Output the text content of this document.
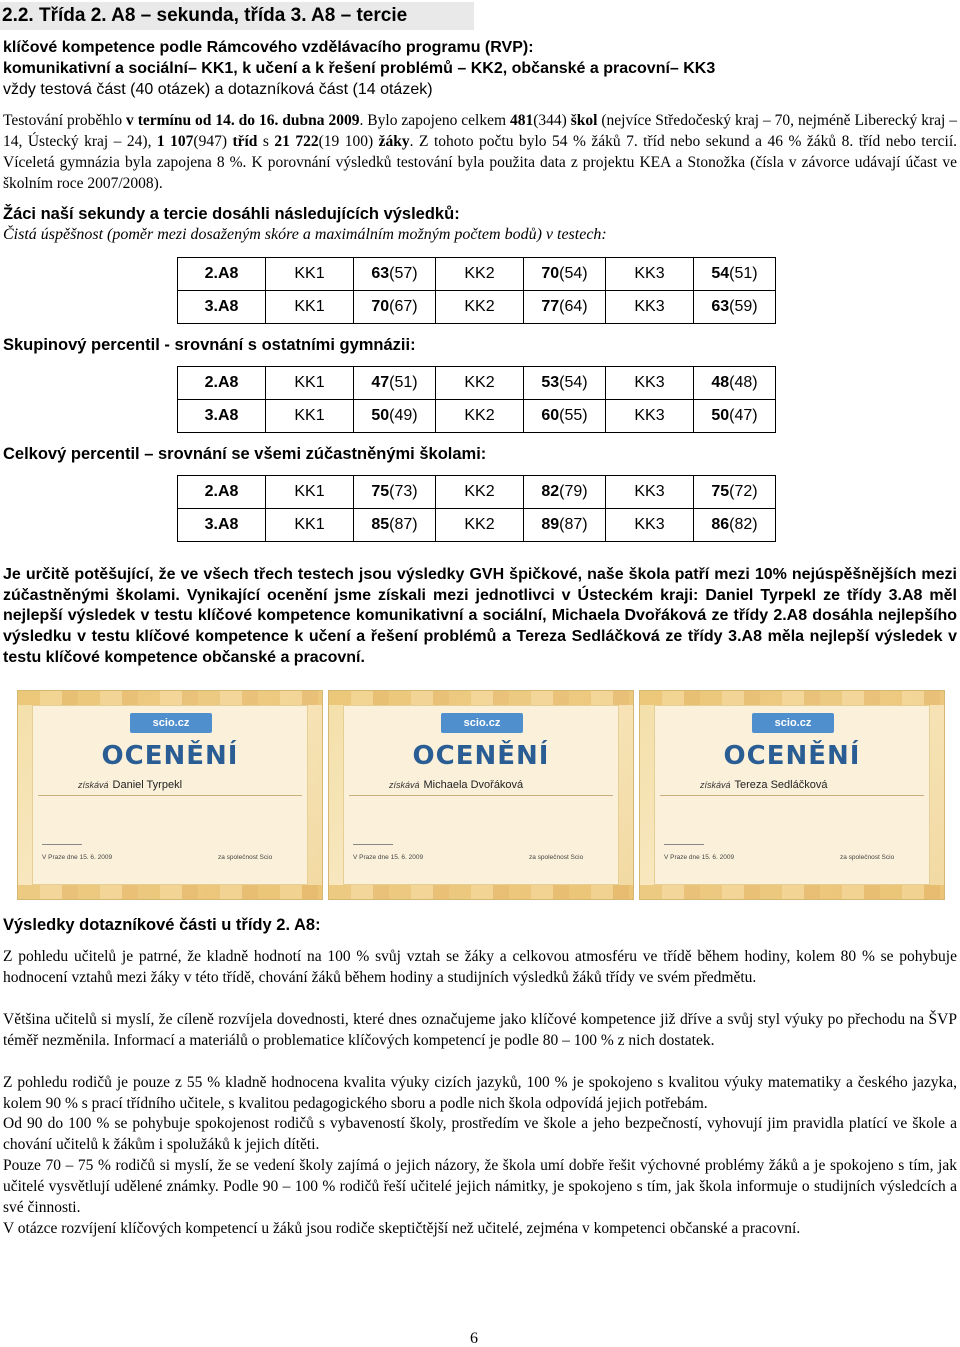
2.2. Třída 2. A8 – sekunda, třída 3. A8 – tercie
klíčové kompetence podle Rámcového vzdělávacího programu (RVP):
komunikativní a sociální– KK1, k učení a k řešení problémů – KK2, občanské a pracovní– KK3
vždy testová část (40 otázek) a dotazníková část (14 otázek)
Testování proběhlo v termínu od 14. do 16. dubna 2009. Bylo zapojeno celkem 481(344) škol (nejvíce Středočeský kraj – 70, nejméně Liberecký kraj – 14, Ústecký kraj – 24), 1 107(947) tříd s 21 722(19 100) žáky. Z tohoto počtu bylo 54 % žáků 7. tříd nebo sekund a 46 % žáků 8. tříd nebo tercií. Víceletá gymnázia byla zapojena 8 %. K porovnání výsledků testování byla použita data z projektu KEA a Stonožka (čísla v závorce udávají účast ve školním roce 2007/2008).
Žáci naší sekundy a tercie dosáhli následujících výsledků:
Čistá úspěšnost (poměr mezi dosaženým skóre a maximálním možným počtem bodů) v testech:
2.A8	KK1	63(57)	KK2	70(54)	KK3	54(51)
3.A8	KK1	70(67)	KK2	77(64)	KK3	63(59)
Skupinový percentil - srovnání s ostatními gymnázii:
2.A8	KK1	47(51)	KK2	53(54)	KK3	48(48)
3.A8	KK1	50(49)	KK2	60(55)	KK3	50(47)
Celkový percentil – srovnání se všemi zúčastněnými školami:
2.A8	KK1	75(73)	KK2	82(79)	KK3	75(72)
3.A8	KK1	85(87)	KK2	89(87)	KK3	86(82)
Je určitě potěšující, že ve všech třech testech jsou výsledky GVH špičkové, naše škola patří mezi 10% nejúspěšnějších mezi zúčastněnými školami. Vynikající ocenění jsme získali mezi jednotlivci v Ústeckém kraji: Daniel Tyrpekl ze třídy 3.A8 měl nejlepší výsledek v testu klíčové kompetence komunikativní a sociální, Michaela Dvořáková ze třídy 2.A8 dosáhla nejlepšího výsledku v testu klíčové kompetence k učení a řešení problémů a Tereza Sedláčková ze třídy 3.A8 měla nejlepší výsledek v testu klíčové kompetence občanské a pracovní.
scio.cz
OCENĚNÍ
získává Daniel Tyrpekl
V Praze dne 15. 6. 2009	za společnost Scio
scio.cz
OCENĚNÍ
získává Michaela Dvořáková
V Praze dne 15. 6. 2009	za společnost Scio
scio.cz
OCENĚNÍ
získává Tereza Sedláčková
V Praze dne 15. 6. 2009	za společnost Scio
Výsledky dotazníkové části u třídy 2. A8:
Z pohledu učitelů je patrné, že kladně hodnotí na 100 % svůj vztah se žáky a celkovou atmosféru ve třídě během hodiny, kolem 80 % se pohybuje hodnocení vztahů mezi žáky v této třídě, chování žáků během hodiny a studijních výsledků žáků třídy ve svém předmětu.
Většina učitelů si myslí, že cíleně rozvíjela dovednosti, které dnes označujeme jako klíčové kompetence již dříve a svůj styl výuky po přechodu na ŠVP téměř nezměnila. Informací a materiálů o problematice klíčových kompetencí je podle 80 – 100 % z nich dostatek.
Z pohledu rodičů je pouze z 55 % kladně hodnocena kvalita výuky cizích jazyků, 100 % je spokojeno s kvalitou výuky matematiky a českého jazyka, kolem 90 % s prací třídního učitele, s kvalitou pedagogického sboru a podle nich škola odpovídá jejich potřebám.
Od 90 do 100 % se pohybuje spokojenost rodičů s vybaveností školy, prostředím ve škole a jeho bezpečností, vyhovují jim pravidla platící ve škole a chování učitelů k žákům i spolužáků k jejich dítěti.
Pouze 70 – 75 % rodičů si myslí, že se vedení školy zajímá o jejich názory, že škola umí dobře řešit výchovné problémy žáků a je spokojeno s tím, jak učitelé vysvětlují udělené známky. Podle 90 – 100 % rodičů řeší učitelé jejich námitky, je spokojeno s tím, jak škola informuje o studijních výsledcích a své činnosti.
V otázce rozvíjení klíčových kompetencí u žáků jsou rodiče skeptičtější než učitelé, zejména v kompetenci občanské a pracovní.
6
